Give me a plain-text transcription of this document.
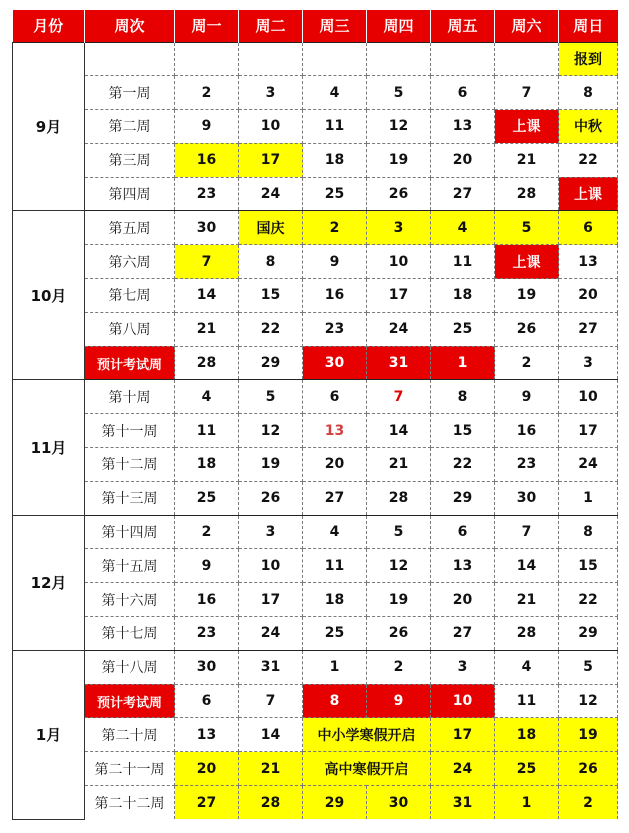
月份	周次	周一	周二	周三	周四	周五	周六	周日
9月								报到
	第一周	2	3	4	5	6	7	8
	第二周	9	10	11	12	13	上课	中秋
	第三周	16	17	18	19	20	21	22
	第四周	23	24	25	26	27	28	上课
10月	第五周	30	国庆	2	3	4	5	6
	第六周	7	8	9	10	11	上课	13
	第七周	14	15	16	17	18	19	20
	第八周	21	22	23	24	25	26	27
	预计考试周	28	29	30	31	1	2	3
11月	第十周	4	5	6	7	8	9	10
	第十一周	11	12	13	14	15	16	17
	第十二周	18	19	20	21	22	23	24
	第十三周	25	26	27	28	29	30	1
12月	第十四周	2	3	4	5	6	7	8
	第十五周	9	10	11	12	13	14	15
	第十六周	16	17	18	19	20	21	22
	第十七周	23	24	25	26	27	28	29
1月	第十八周	30	31	1	2	3	4	5
	预计考试周	6	7	8	9	10	11	12
	第二十周	13	14	中小学寒假开启		17	18	19
	第二十一周	20	21	高中寒假开启		24	25	26
	第二十二周	27	28	29	30	31	1	2
